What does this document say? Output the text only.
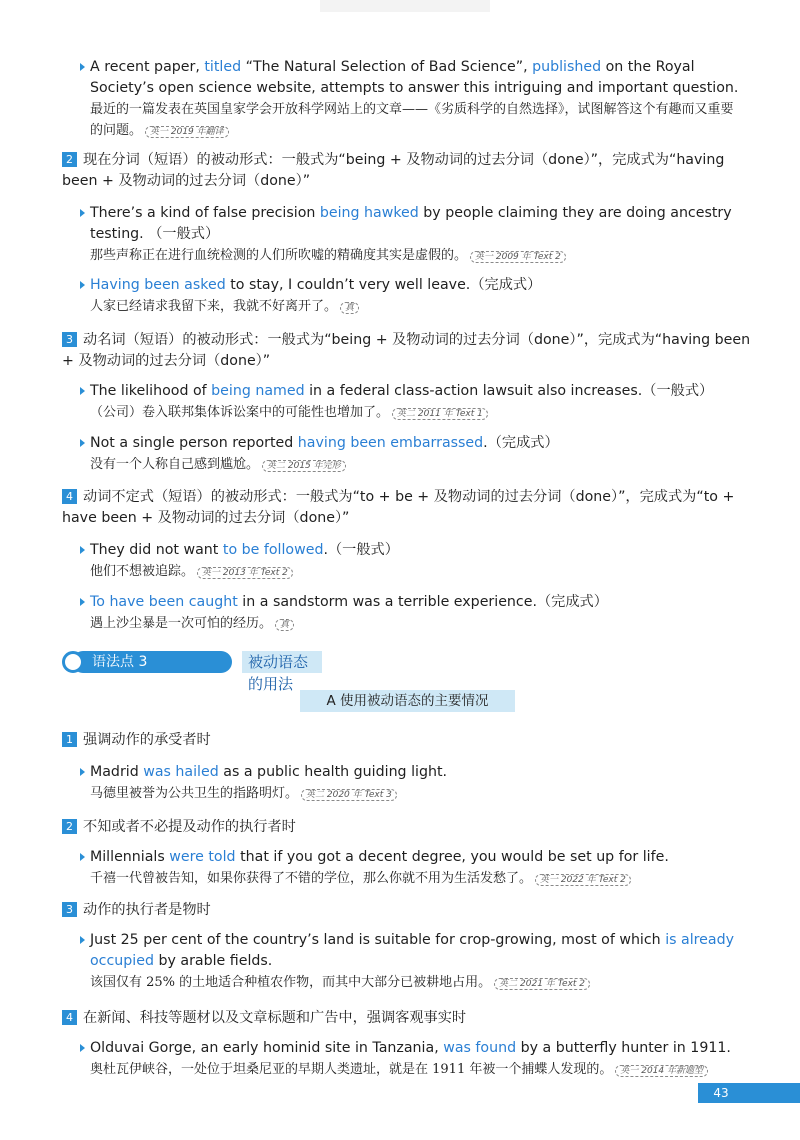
A recent paper, titled “The Natural Selection of Bad Science”, published on the Royal Society’s open science website, attempts to answer this intriguing and important question.
最近的一篇发表在英国皇家学会开放科学网站上的文章——《劣质科学的自然选择》，试图解答这个有趣而又重要的问题。 英一 2019 年翻译
2 现在分词（短语）的被动形式：一般式为“being + 及物动词的过去分词（done）”，完成式为“having been + 及物动词的过去分词（done）”
There’s a kind of false precision being hawked by people claiming they are doing ancestry testing. （一般式）
那些声称正在进行血统检测的人们所吹嘘的精确度其实是虚假的。 英一 2009 年 Text 2
Having been asked to stay, I couldn’t very well leave.（完成式）
人家已经请求我留下来，我就不好离开了。 真
3 动名词（短语）的被动形式：一般式为“being + 及物动词的过去分词（done）”，完成式为“having been + 及物动词的过去分词（done）”
The likelihood of being named in a federal class-action lawsuit also increases.（一般式）
（公司）卷入联邦集体诉讼案中的可能性也增加了。 英二 2011 年 Text 1
Not a single person reported having been embarrassed.（完成式）
没有一个人称自己感到尴尬。 英二 2015 年完形
4 动词不定式（短语）的被动形式：一般式为“to + be + 及物动词的过去分词（done）”，完成式为“to + have been + 及物动词的过去分词（done）”
They did not want to be followed.（一般式）
他们不想被追踪。 英一 2013 年 Text 2
To have been caught in a sandstorm was a terrible experience.（完成式）
遇上沙尘暴是一次可怕的经历。 真
语法点 3	被动语态的用法
A 使用被动语态的主要情况
1 强调动作的承受者时
Madrid was hailed as a public health guiding light.
马德里被誉为公共卫生的指路明灯。 英二 2020 年 Text 3
2 不知或者不必提及动作的执行者时
Millennials were told that if you got a decent degree, you would be set up for life.
千禧一代曾被告知，如果你获得了不错的学位，那么你就不用为生活发愁了。 英一 2022 年 Text 2
3 动作的执行者是物时
Just 25 per cent of the country’s land is suitable for crop-growing, most of which is already occupied by arable fields.
该国仅有 25% 的土地适合种植农作物，而其中大部分已被耕地占用。 英二 2021 年 Text 2
4 在新闻、科技等题材以及文章标题和广告中，强调客观事实时
Olduvai Gorge, an early hominid site in Tanzania, was found by a butterfly hunter in 1911.
奥杜瓦伊峡谷，一处位于坦桑尼亚的早期人类遗址，就是在 1911 年被一个捕蝶人发现的。 英一 2014 年新题型
43
